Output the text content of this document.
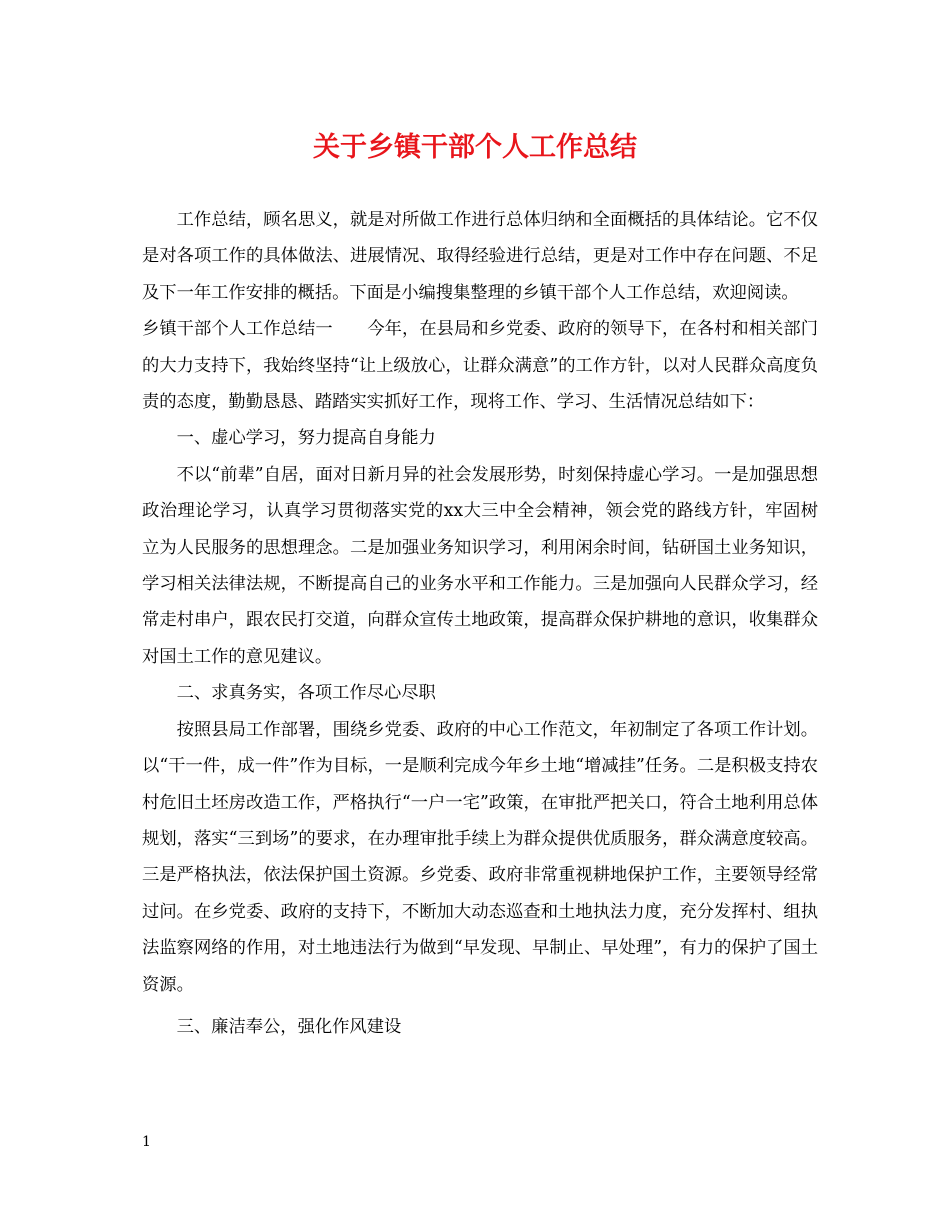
关于乡镇干部个人工作总结

工作总结，顾名思义，就是对所做工作进行总体归纳和全面概括的具体结论。它不仅是对各项工作的具体做法、进展情况、取得经验进行总结，更是对工作中存在问题、不足及下一年工作安排的概括。下面是小编搜集整理的乡镇干部个人工作总结，欢迎阅读。

乡镇干部个人工作总结一　　今年，在县局和乡党委、政府的领导下，在各村和相关部门的大力支持下，我始终坚持“让上级放心，让群众满意”的工作方针，以对人民群众高度负责的态度，勤勤恳恳、踏踏实实抓好工作，现将工作、学习、生活情况总结如下：

一、虚心学习，努力提高自身能力

不以“前辈”自居，面对日新月异的社会发展形势，时刻保持虚心学习。一是加强思想政治理论学习，认真学习贯彻落实党的xx大三中全会精神，领会党的路线方针，牢固树立为人民服务的思想理念。二是加强业务知识学习，利用闲余时间，钻研国土业务知识，学习相关法律法规，不断提高自己的业务水平和工作能力。三是加强向人民群众学习，经常走村串户，跟农民打交道，向群众宣传土地政策，提高群众保护耕地的意识，收集群众对国土工作的意见建议。

二、求真务实，各项工作尽心尽职

按照县局工作部署，围绕乡党委、政府的中心工作范文，年初制定了各项工作计划。以“干一件，成一件”作为目标，一是顺利完成今年乡土地“增减挂”任务。二是积极支持农村危旧土坯房改造工作，严格执行“一户一宅”政策，在审批严把关口，符合土地利用总体规划，落实“三到场”的要求，在办理审批手续上为群众提供优质服务，群众满意度较高。三是严格执法，依法保护国土资源。乡党委、政府非常重视耕地保护工作，主要领导经常过问。在乡党委、政府的支持下，不断加大动态巡查和土地执法力度，充分发挥村、组执法监察网络的作用，对土地违法行为做到“早发现、早制止、早处理”，有力的保护了国土资源。

三、廉洁奉公，强化作风建设

1
